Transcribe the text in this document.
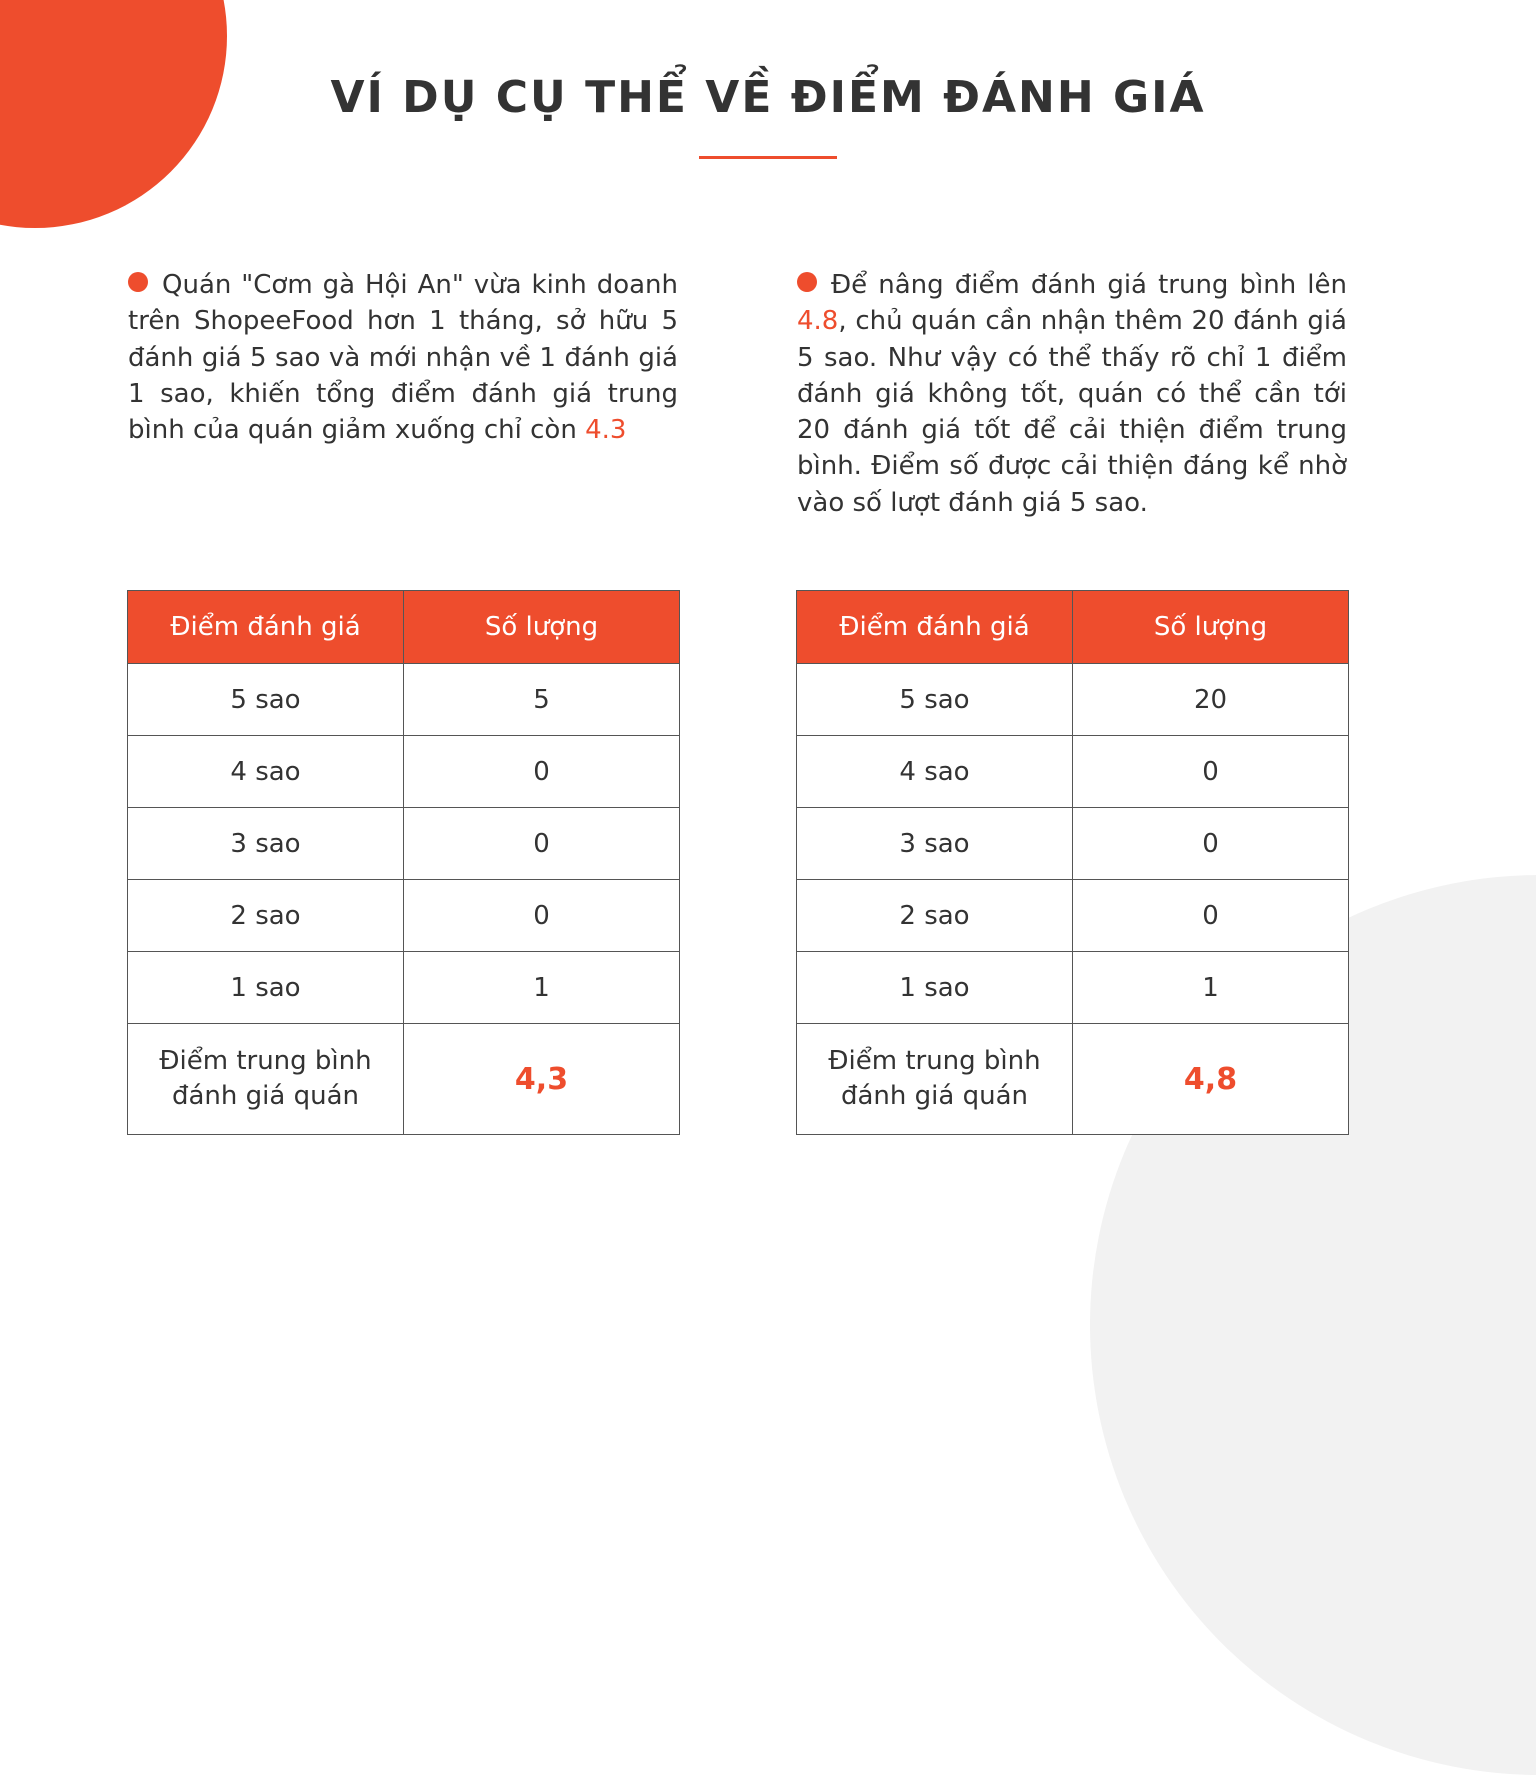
VÍ DỤ CỤ THỂ VỀ ĐIỂM ĐÁNH GIÁ

Quán "Cơm gà Hội An" vừa kinh doanh trên ShopeeFood hơn 1 tháng, sở hữu 5 đánh giá 5 sao và mới nhận về 1 đánh giá 1 sao, khiến tổng điểm đánh giá trung bình của quán giảm xuống chỉ còn 4.3

Để nâng điểm đánh giá trung bình lên 4.8, chủ quán cần nhận thêm 20 đánh giá 5 sao. Như vậy có thể thấy rõ chỉ 1 điểm đánh giá không tốt, quán có thể cần tới 20 đánh giá tốt để cải thiện điểm trung bình. Điểm số được cải thiện đáng kể nhờ vào số lượt đánh giá 5 sao.

Điểm đánh giá	Số lượng
5 sao	5
4 sao	0
3 sao	0
2 sao	0
1 sao	1
Điểm trung bình
đánh giá quán	4,3
Điểm đánh giá	Số lượng
5 sao	20
4 sao	0
3 sao	0
2 sao	0
1 sao	1
Điểm trung bình
đánh giá quán	4,8
